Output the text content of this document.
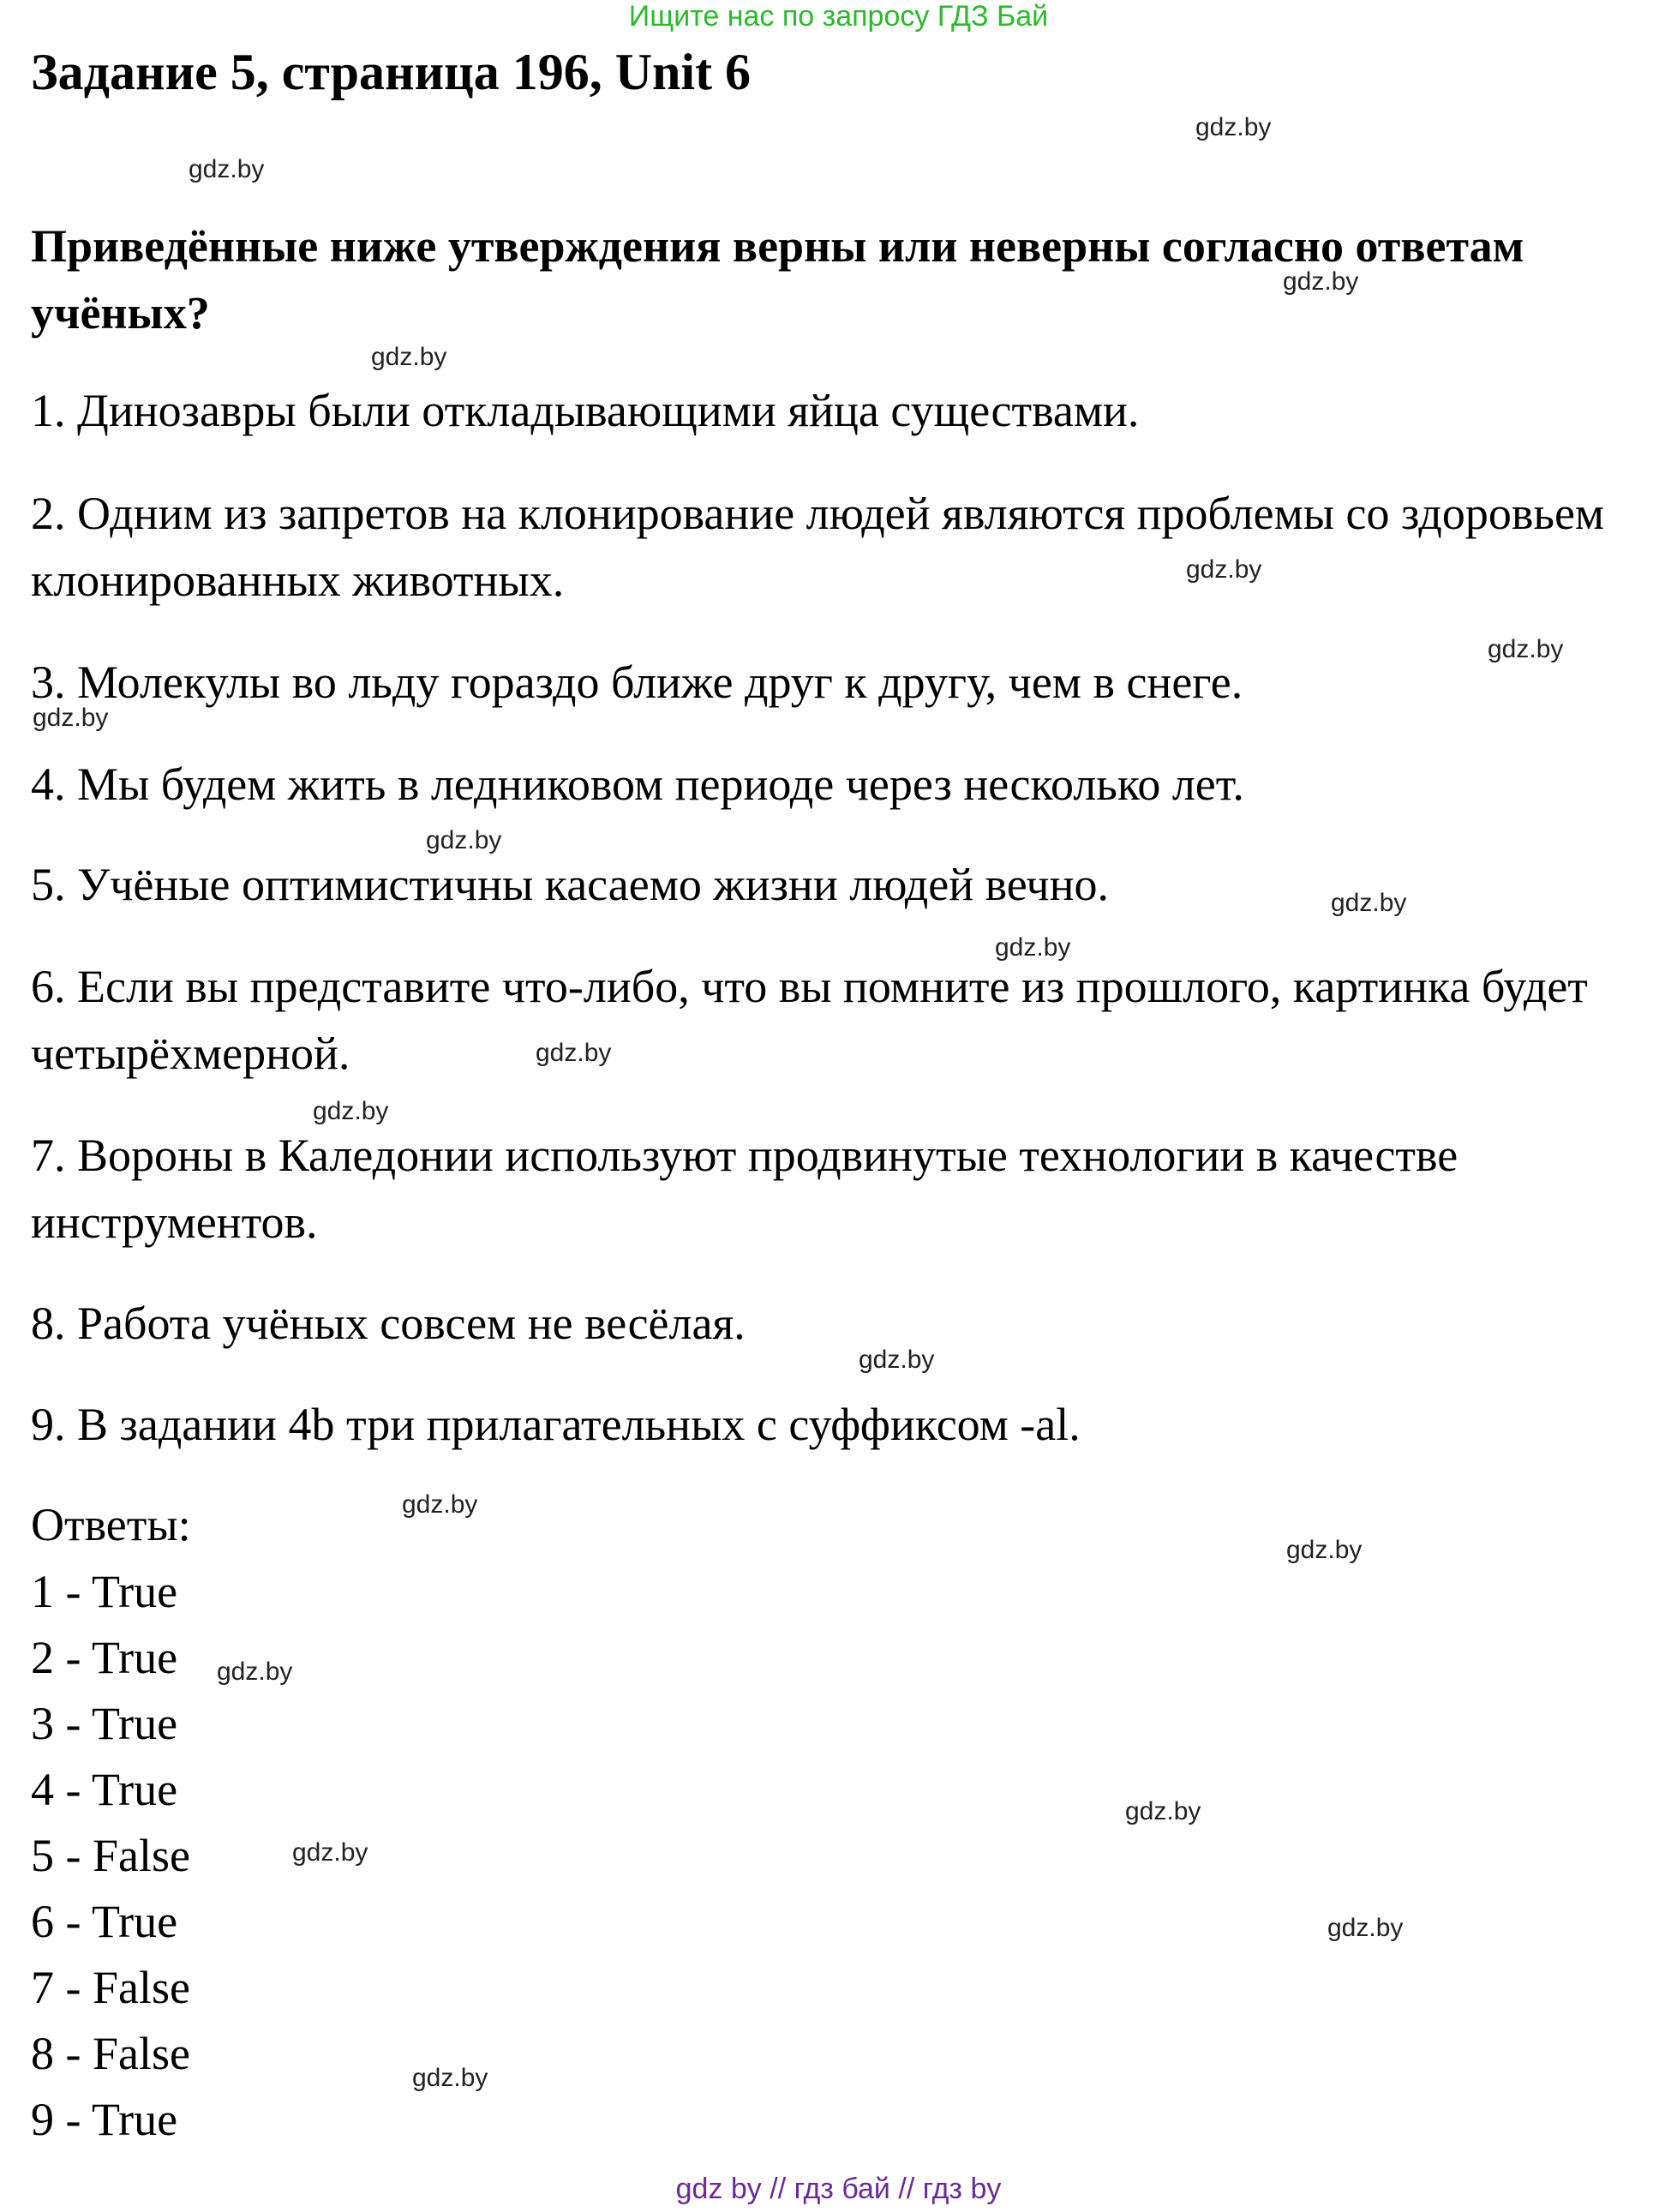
Ищите нас по запросу ГДЗ Бай
Задание 5, страница 196, Unit 6
Приведённые ниже утверждения верны или неверны согласно ответам учёных?
1. Динозавры были откладывающими яйца существами.
2. Одним из запретов на клонирование людей являются проблемы со здоровьем клонированных животных.
3. Молекулы во льду гораздо ближе друг к другу, чем в снеге.
4. Мы будем жить в ледниковом периоде через несколько лет.
5. Учёные оптимистичны касаемо жизни людей вечно.
6. Если вы представите что-либо, что вы помните из прошлого, картинка будет четырёхмерной.
7. Вороны в Каледонии используют продвинутые технологии в качестве инструментов.
8. Работа учёных совсем не весёлая.
9. В задании 4b три прилагательных с суффиксом -al.
Ответы:
1 - True
2 - True
3 - True
4 - True
5 - False
6 - True
7 - False
8 - False
9 - True
gdz.by
gdz.by
gdz.by
gdz.by
gdz.by
gdz.by
gdz.by
gdz.by
gdz.by
gdz.by
gdz.by
gdz.by
gdz.by
gdz.by
gdz.by
gdz.by
gdz.by
gdz.by
gdz.by
gdz.by
gdz by // гдз бай // гдз by
